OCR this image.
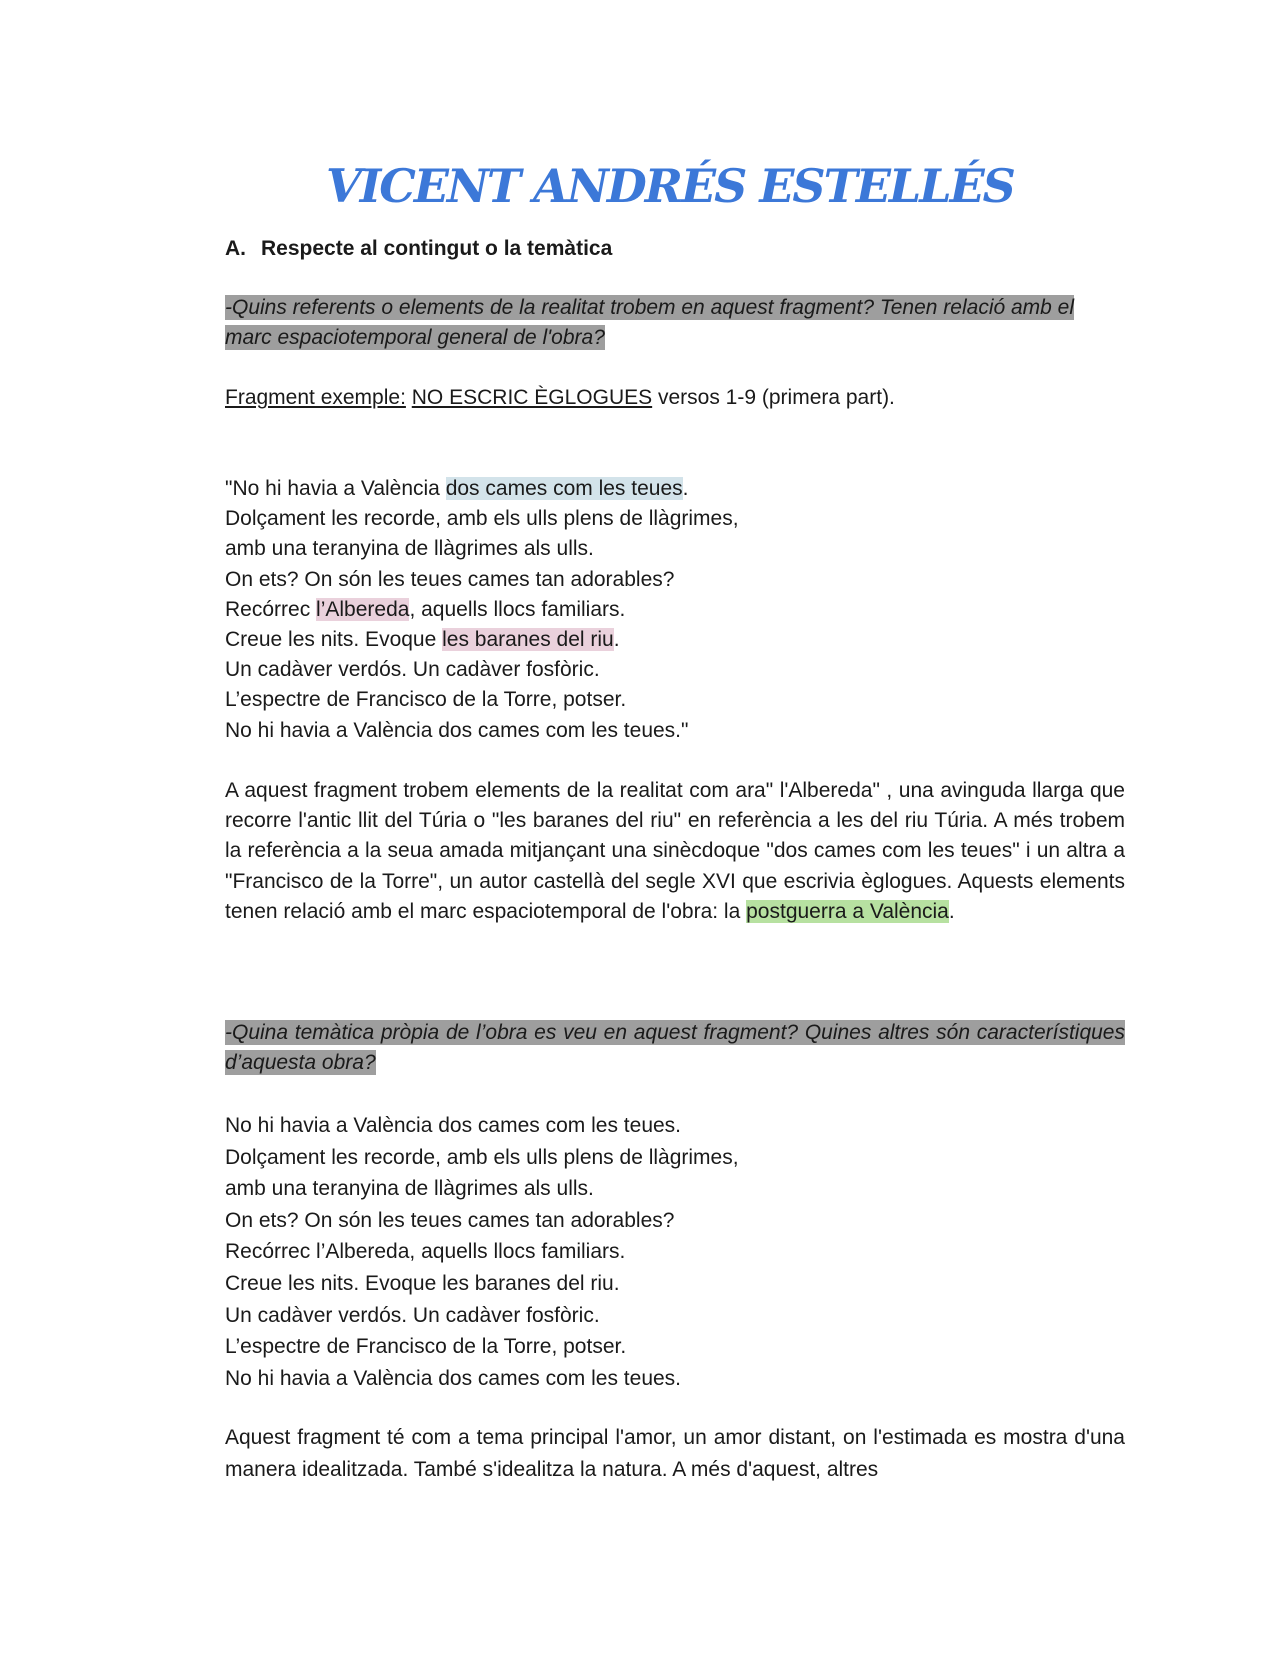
VICENT ANDRÉS ESTELLÉS
A. Respecte al contingut o la temàtica

-Quins referents o elements de la realitat trobem en aquest fragment? Tenen relació amb el marc espaciotemporal general de l'obra?

Fragment exemple: NO ESCRIC ÈGLOGUES versos 1-9 (primera part).

"No hi havia a València dos cames com les teues.
Dolçament les recorde, amb els ulls plens de llàgrimes,
amb una teranyina de llàgrimes als ulls.
On ets? On són les teues cames tan adorables?
Recórrec l’Albereda, aquells llocs familiars.
Creue les nits. Evoque les baranes del riu.
Un cadàver verdós. Un cadàver fosfòric.
L’espectre de Francisco de la Torre, potser.
No hi havia a València dos cames com les teues."

A aquest fragment trobem elements de la realitat com ara" l'Albereda" , una avinguda llarga que recorre l'antic llit del Túria o "les baranes del riu" en referència a les del riu Túria. A més trobem la referència a la seua amada mitjançant una sinècdoque "dos cames com les teues" i un altra a "Francisco de la Torre", un autor castellà del segle XVI que escrivia èglogues. Aquests elements tenen relació amb el marc espaciotemporal de l'obra: la postguerra a València.

-Quina temàtica pròpia de l’obra es veu en aquest fragment? Quines altres són característiques d’aquesta obra?

No hi havia a València dos cames com les teues.
Dolçament les recorde, amb els ulls plens de llàgrimes,
amb una teranyina de llàgrimes als ulls.
On ets? On són les teues cames tan adorables?
Recórrec l’Albereda, aquells llocs familiars.
Creue les nits. Evoque les baranes del riu.
Un cadàver verdós. Un cadàver fosfòric.
L’espectre de Francisco de la Torre, potser.
No hi havia a València dos cames com les teues.

Aquest fragment té com a tema principal l'amor, un amor distant, on l'estimada es mostra d'una manera idealitzada. També s'idealitza la natura. A més d'aquest, altres
